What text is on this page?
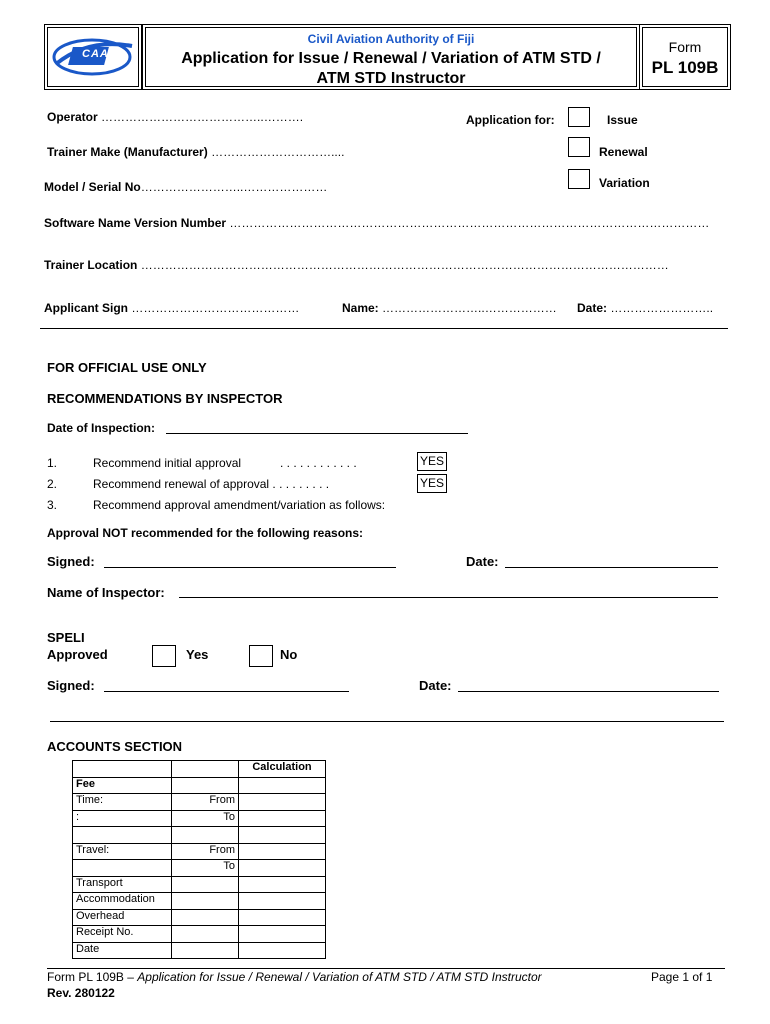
CAAF
Civil Aviation Authority of Fiji
Application for Issue / Renewal / Variation of ATM STD /
ATM STD Instructor
Form
PL 109B
Operator …………………………………..……….	Application for:	Issue
Renewal
Variation
Trainer Make (Manufacturer) …………………………....
Model / Serial No……………………..…………………
Software Name Version Number …………………………………………………………………………………………………………
Trainer Location ……………………………………………………………………………………………………………………
Applicant Sign ……………………………………	Name: ……………………..……………… Date: ……………………..
FOR OFFICIAL USE ONLY
RECOMMENDATIONS BY INSPECTOR
Date of Inspection:
1.	Recommend initial approval	. . . . . . . . . . . .	YES
2.	Recommend renewal of approval . . . . . . . . .	YES
3.	Recommend approval amendment/variation as follows:
Approval NOT recommended for the following reasons:
Signed:	Date:
Name of Inspector:
SPELI
Approved	Yes	No
Signed:	Date:
ACCOUNTS SECTION
		Calculation
Fee		
Time:	From	
:	To	

Travel:	From	
	To	
Transport		
Accommodation		
Overhead		
Receipt No.		
Date		
Form PL 109B – Application for Issue / Renewal / Variation of ATM STD / ATM STD Instructor	Page 1 of 1
Rev. 280122
